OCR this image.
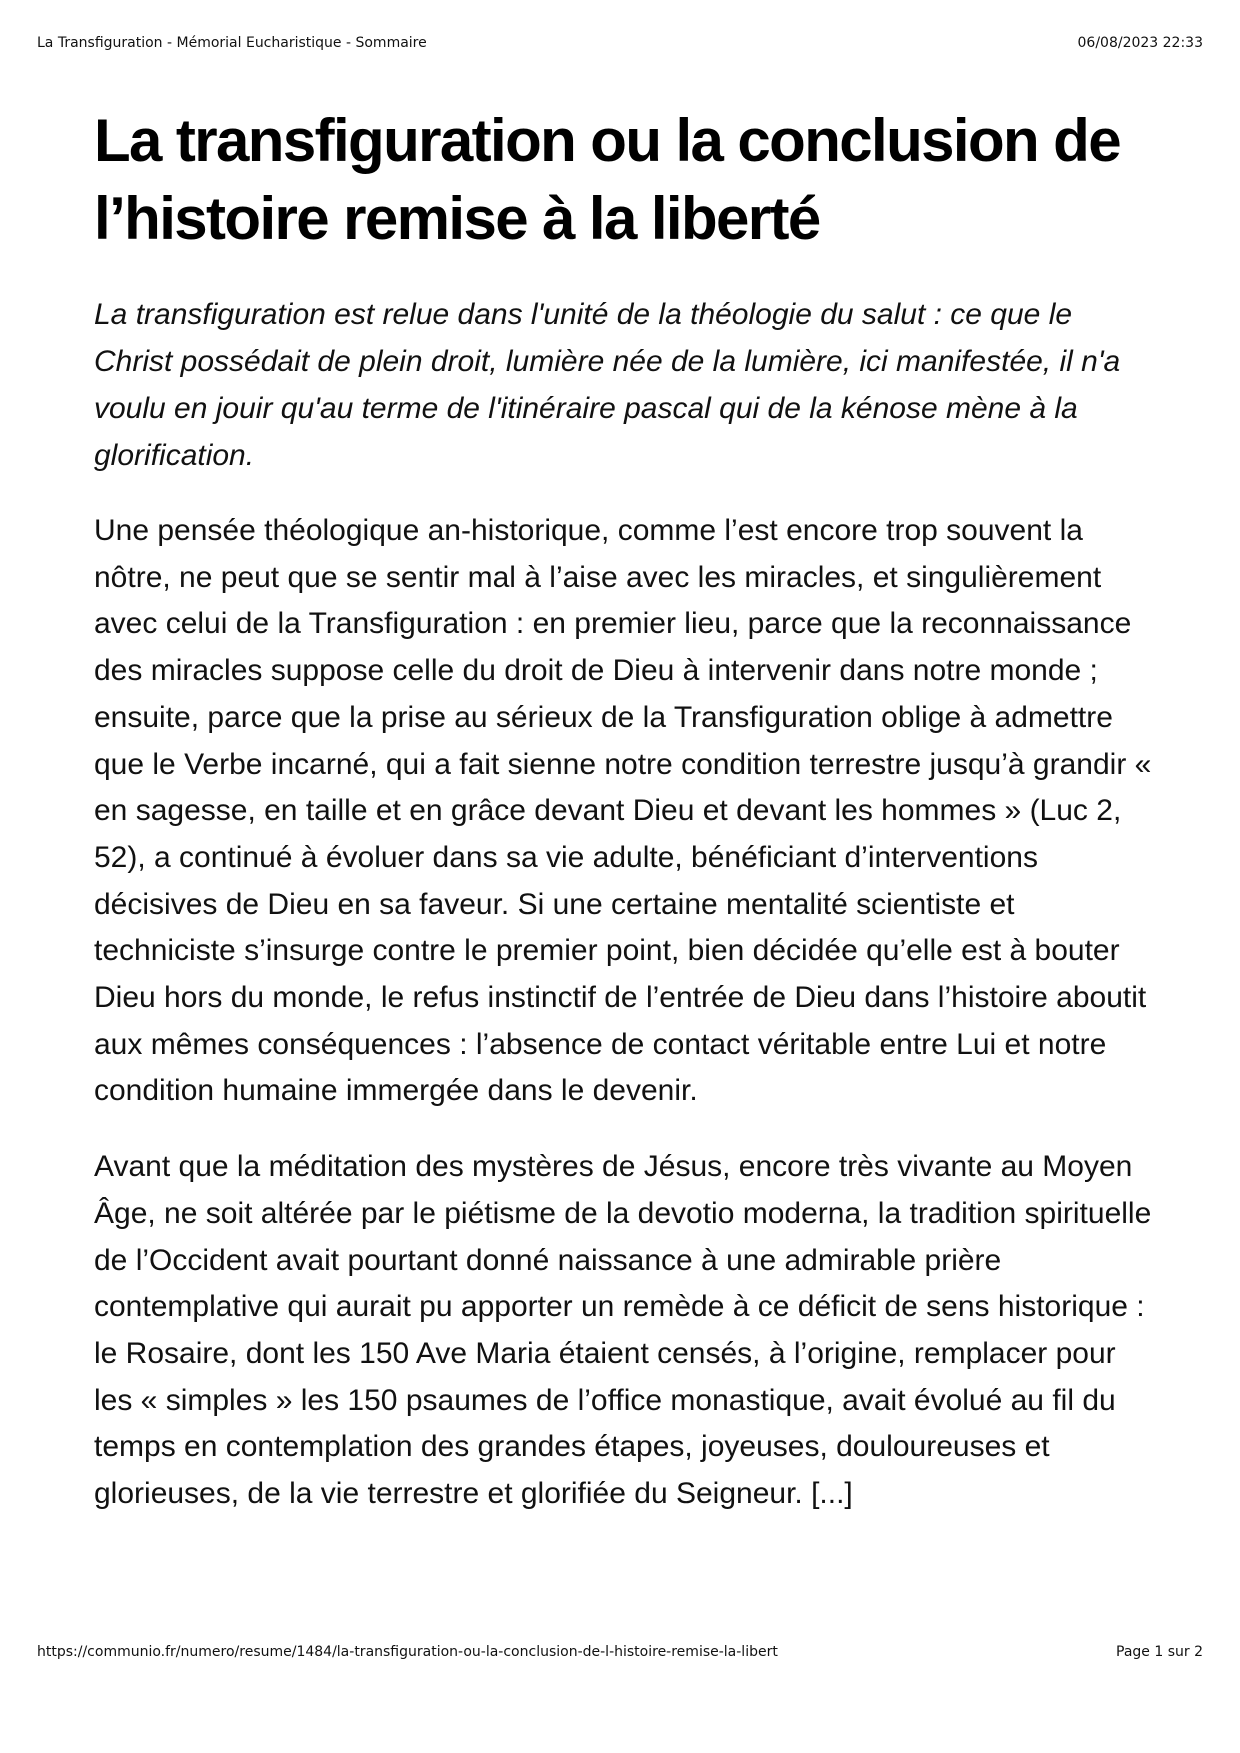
La Transfiguration - Mémorial Eucharistique - Sommaire	06/08/2023 22:33
La transfiguration ou la conclusion de l’histoire remise à la liberté

La transfiguration est relue dans l'unité de la théologie du salut : ce que le Christ possédait de plein droit, lumière née de la lumière, ici manifestée, il n'a voulu en jouir qu'au terme de l'itinéraire pascal qui de la kénose mène à la glorification.

Une pensée théologique an-historique, comme l’est encore trop souvent la nôtre, ne peut que se sentir mal à l’aise avec les miracles, et singulièrement avec celui de la Transfiguration : en premier lieu, parce que la reconnaissance des miracles suppose celle du droit de Dieu à intervenir dans notre monde ; ensuite, parce que la prise au sérieux de la Transfiguration oblige à admettre que le Verbe incarné, qui a fait sienne notre condition terrestre jusqu’à grandir « en sagesse, en taille et en grâce devant Dieu et devant les hommes » (Luc 2, 52), a continué à évoluer dans sa vie adulte, bénéficiant d’interventions décisives de Dieu en sa faveur. Si une certaine mentalité scientiste et techniciste s’insurge contre le premier point, bien décidée qu’elle est à bouter Dieu hors du monde, le refus instinctif de l’entrée de Dieu dans l’histoire aboutit aux mêmes conséquences : l’absence de contact véritable entre Lui et notre condition humaine immergée dans le devenir.

Avant que la méditation des mystères de Jésus, encore très vivante au Moyen Âge, ne soit altérée par le piétisme de la devotio moderna, la tradition spirituelle de l’Occident avait pourtant donné naissance à une admirable prière contemplative qui aurait pu apporter un remède à ce déficit de sens historique : le Rosaire, dont les 150 Ave Maria étaient censés, à l’origine, remplacer pour les « simples » les 150 psaumes de l’office monastique, avait évolué au fil du temps en contemplation des grandes étapes, joyeuses, douloureuses et glorieuses, de la vie terrestre et glorifiée du Seigneur. [...]

https://communio.fr/numero/resume/1484/la-transfiguration-ou-la-conclusion-de-l-histoire-remise-la-libert	Page 1 sur 2
